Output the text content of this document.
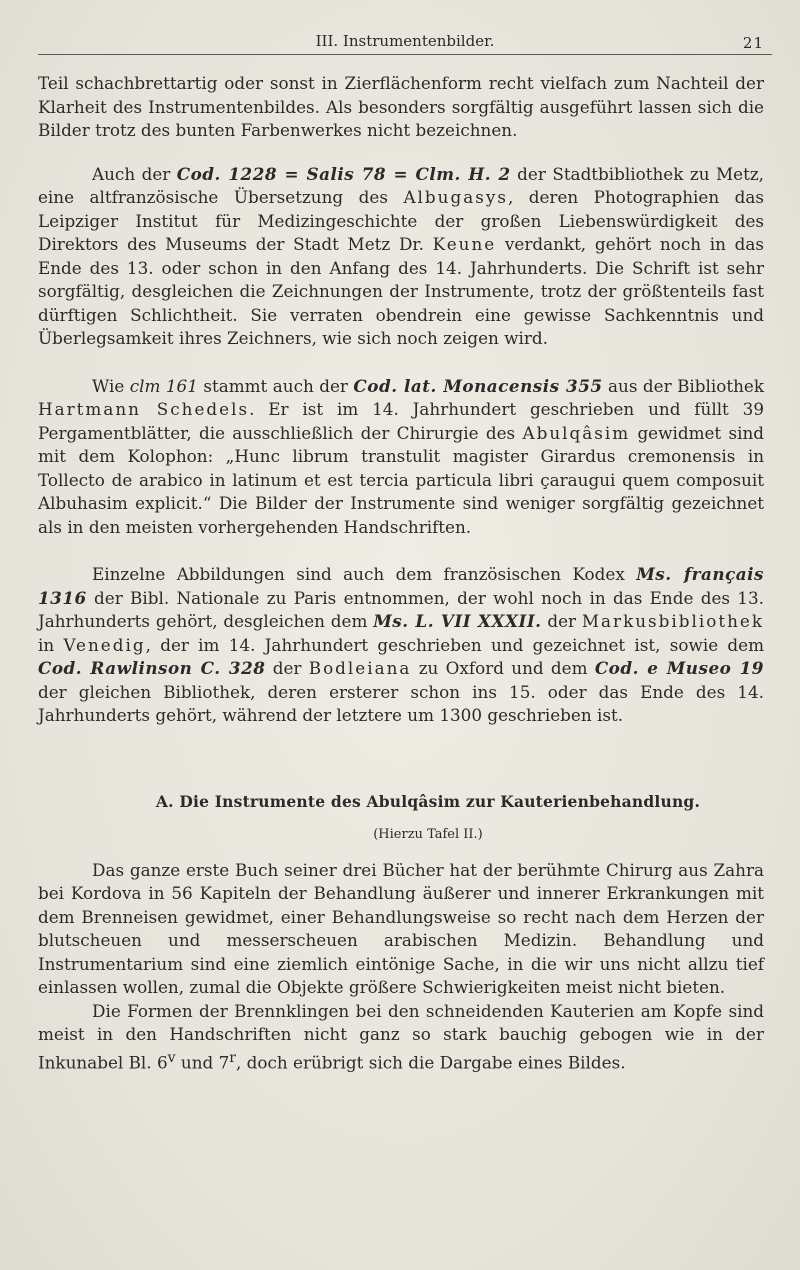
III. Instrumentenbilder.	21

Teil schachbrettartig oder sonst in Zierflächenform recht vielfach zum Nachteil der Klarheit des Instrumentenbildes. Als besonders sorgfältig ausgeführt lassen sich die Bilder trotz des bunten Farbenwerkes nicht bezeichnen.

Auch der Cod. 1228 = Salis 78 = Clm. H. 2 der Stadtbibliothek zu Metz, eine altfranzösische Übersetzung des Albugasys, deren Photographien das Leipziger Institut für Medizingeschichte der großen Liebenswürdigkeit des Direktors des Museums der Stadt Metz Dr. Keune verdankt, gehört noch in das Ende des 13. oder schon in den Anfang des 14. Jahrhunderts. Die Schrift ist sehr sorgfältig, desgleichen die Zeichnungen der Instrumente, trotz der größtenteils fast dürftigen Schlichtheit. Sie verraten obendrein eine gewisse Sachkenntnis und Überlegsamkeit ihres Zeichners, wie sich noch zeigen wird.

Wie clm 161 stammt auch der Cod. lat. Monacensis 355 aus der Bibliothek Hartmann Schedels. Er ist im 14. Jahrhundert geschrieben und füllt 39 Pergamentblätter, die ausschließlich der Chirurgie des Abulqâsim gewidmet sind mit dem Kolophon: „Hunc librum transtulit magister Girardus cremonensis in Tollecto de arabico in latinum et est tercia particula libri çaraugui quem composuit Albuhasim explicit.“ Die Bilder der Instrumente sind weniger sorgfältig gezeichnet als in den meisten vorhergehenden Handschriften.

Einzelne Abbildungen sind auch dem französischen Kodex Ms. français 1316 der Bibl. Nationale zu Paris entnommen, der wohl noch in das Ende des 13. Jahrhunderts gehört, desgleichen dem Ms. L. VII XXXII. der Markusbibliothek in Venedig, der im 14. Jahrhundert geschrieben und gezeichnet ist, sowie dem Cod. Rawlinson C. 328 der Bodleiana zu Oxford und dem Cod. e Museo 19 der gleichen Bibliothek, deren ersterer schon ins 15. oder das Ende des 14. Jahrhunderts gehört, während der letztere um 1300 geschrieben ist.

A. Die Instrumente des Abulqâsim zur Kauterienbehandlung.

(Hierzu Tafel II.)

Das ganze erste Buch seiner drei Bücher hat der berühmte Chirurg aus Zahra bei Kordova in 56 Kapiteln der Behandlung äußerer und innerer Erkrankungen mit dem Brenneisen gewidmet, einer Behandlungsweise so recht nach dem Herzen der blutscheuen und messerscheuen arabischen Medizin. Behandlung und Instrumentarium sind eine ziemlich eintönige Sache, in die wir uns nicht allzu tief einlassen wollen, zumal die Objekte größere Schwierigkeiten meist nicht bieten.

Die Formen der Brennklingen bei den schneidenden Kauterien am Kopfe sind meist in den Handschriften nicht ganz so stark bauchig gebogen wie in der Inkunabel Bl. 6$^v$ und 7$^r$, doch erübrigt sich die Dargabe eines Bildes.
